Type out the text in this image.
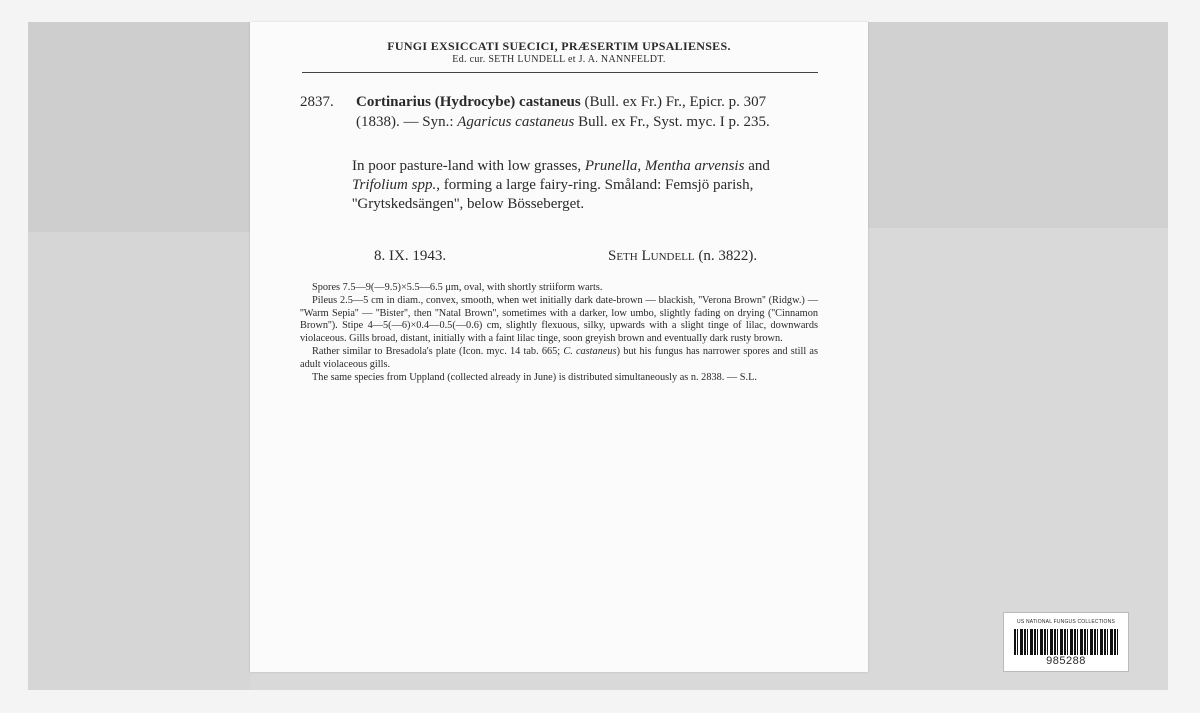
FUNGI EXSICCATI SUECICI, PRÆSERTIM UPSALIENSES.
Ed. cur. SETH LUNDELL et J. A. NANNFELDT.
2837. Cortinarius (Hydrocybe) castaneus (Bull. ex Fr.) Fr., Epicr. p. 307 (1838). — Syn.: Agaricus castaneus Bull. ex Fr., Syst. myc. I p. 235.
In poor pasture-land with low grasses, Prunella, Mentha arvensis and Trifolium spp., forming a large fairy-ring. Småland: Femsjö parish, ''Grytskedsängen'', below Bösseberget.
8. IX. 1943.	Seth Lundell (n. 3822).

Spores 7.5—9(—9.5)×5.5—6.5 μm, oval, with shortly striiform warts.

Pileus 2.5—5 cm in diam., convex, smooth, when wet initially dark date-brown — blackish, ''Verona Brown'' (Ridgw.) — ''Warm Sepia'' — ''Bister'', then ''Natal Brown'', sometimes with a darker, low umbo, slightly fading on drying (''Cinnamon Brown''). Stipe 4—5(—6)×0.4—0.5(—0.6) cm, slightly flexuous, silky, upwards with a slight tinge of lilac, downwards violaceous. Gills broad, distant, initially with a faint lilac tinge, soon greyish brown and eventually dark rusty brown.

Rather similar to Bresadola's plate (Icon. myc. 14 tab. 665; C. castaneus) but his fungus has narrower spores and still as adult violaceous gills.

The same species from Uppland (collected already in June) is distributed simultaneously as n. 2838. — S.L.

US NATIONAL FUNGUS COLLECTIONS
985288
